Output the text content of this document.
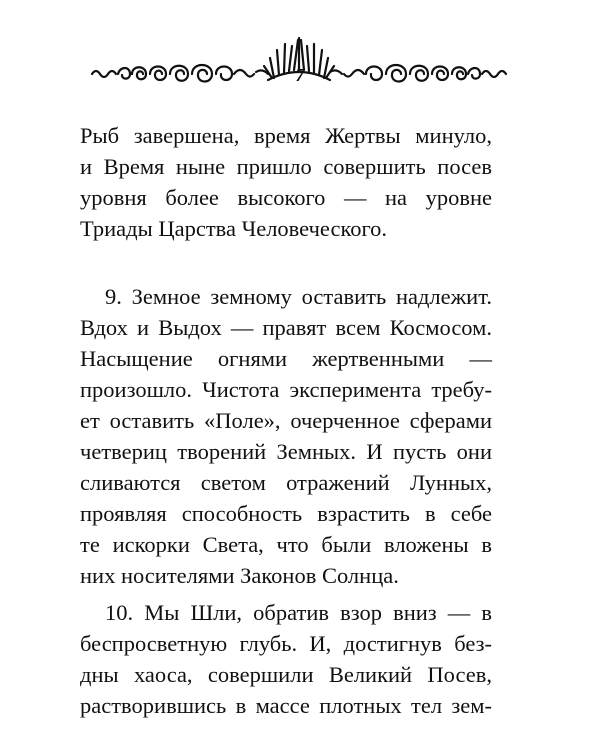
7
Рыб завершена, время Жертвы минуло,
и Время ныне пришло совершить посев
уровня более высокого — на уровне
Триады Царства Человеческого.
9. Земное земному оставить надлежит.
Вдох и Выдох — правят всем Космосом.
Насыщение огнями жертвенными —
произошло. Чистота эксперимента требу-
ет оставить «Поле», очерченное сферами
четвериц творений Земных. И пусть они
сливаются светом отражений Лунных,
проявляя способность взрастить в себе
те искорки Света, что были вложены в
них носителями Законов Солнца.
10. Мы Шли, обратив взор вниз — в
беспросветную глубь. И, достигнув без-
дны хаоса, совершили Великий Посев,
растворившись в массе плотных тел зем-
